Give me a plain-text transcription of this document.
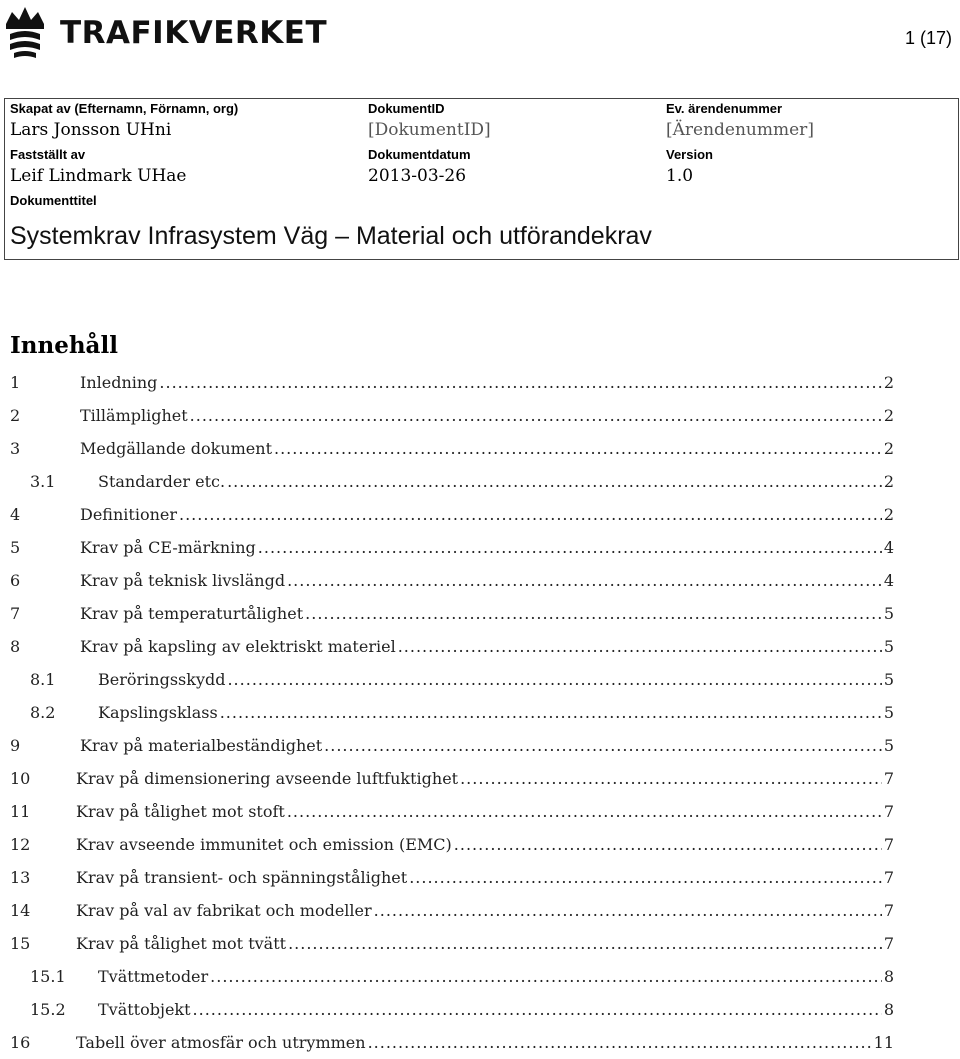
TRAFIKVERKET	1 (17)
Skapat av (Efternamn, Förnamn, org)
Lars Jonsson UHni
DokumentID
[DokumentID]
Ev. ärendenummer
[Ärendenummer]
Fastställt av
Leif Lindmark UHae
Dokumentdatum
2013-03-26
Version
1.0
Dokumenttitel
Systemkrav Infrasystem Väg – Material och utförandekrav
Innehåll
1	Inledning .....	2
2	Tillämplighet .....	2
3	Medgällande dokument .....	2
3.1	Standarder etc. .....	2
4	Definitioner .....	2
5	Krav på CE-märkning .....	4
6	Krav på teknisk livslängd .....	4
7	Krav på temperaturtålighet .....	5
8	Krav på kapsling av elektriskt materiel .....	5
8.1	Beröringsskydd .....	5
8.2	Kapslingsklass .....	5
9	Krav på materialbeständighet .....	5
10	Krav på dimensionering avseende luftfuktighet .....	7
11	Krav på tålighet mot stoft .....	7
12	Krav avseende immunitet och emission (EMC) .....	7
13	Krav på transient- och spänningstålighet .....	7
14	Krav på val av fabrikat och modeller .....	7
15	Krav på tålighet mot tvätt .....	7
15.1 Tvättmetoder .....	8
15.2 Tvättobjekt .....	8
16	Tabell över atmosfär och utrymmen .....	11
